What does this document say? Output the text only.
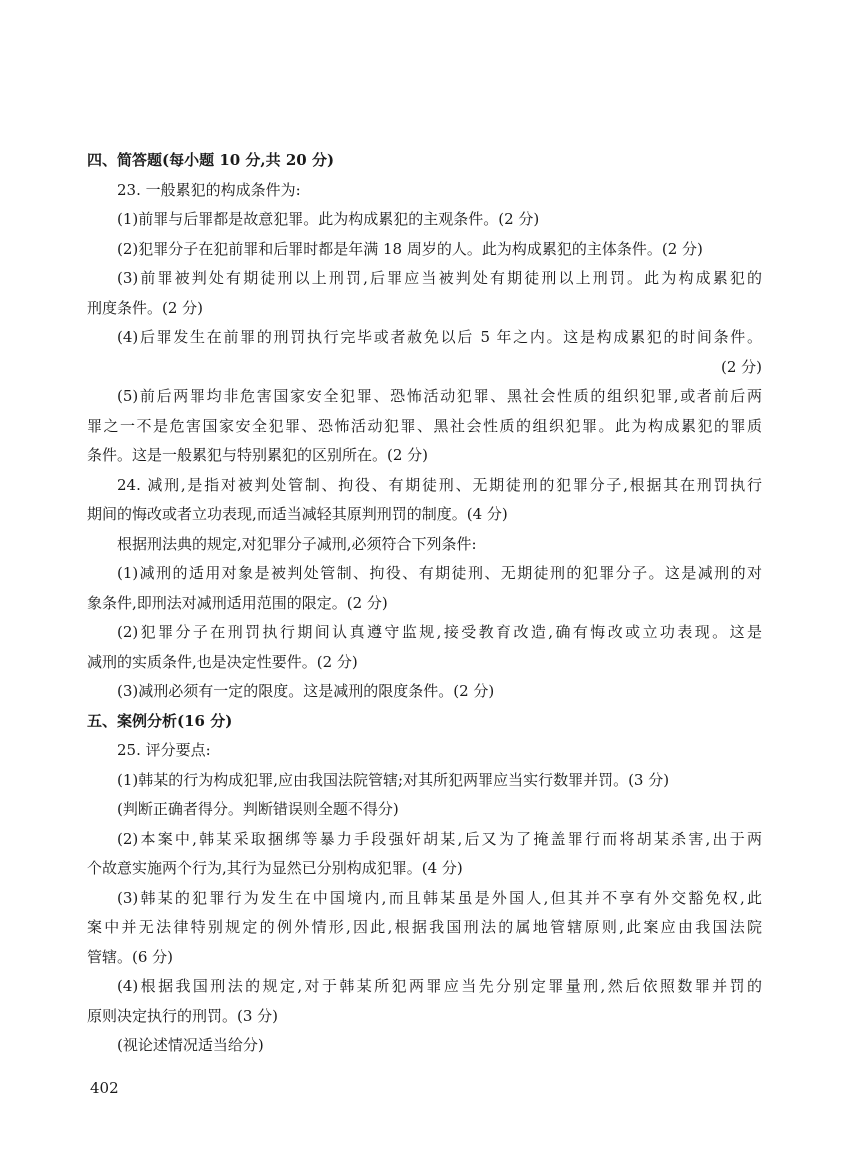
四、简答题(每小题 10 分,共 20 分)
23. 一般累犯的构成条件为:
(1)前罪与后罪都是故意犯罪。此为构成累犯的主观条件。(2 分)
(2)犯罪分子在犯前罪和后罪时都是年满 18 周岁的人。此为构成累犯的主体条件。(2 分)
(3)前罪被判处有期徒刑以上刑罚,后罪应当被判处有期徒刑以上刑罚。此为构成累犯的
刑度条件。(2 分)
(4)后罪发生在前罪的刑罚执行完毕或者赦免以后 5 年之内。这是构成累犯的时间条件。
(2 分)
(5)前后两罪均非危害国家安全犯罪、恐怖活动犯罪、黑社会性质的组织犯罪,或者前后两
罪之一不是危害国家安全犯罪、恐怖活动犯罪、黑社会性质的组织犯罪。此为构成累犯的罪质
条件。这是一般累犯与特别累犯的区别所在。(2 分)
24. 减刑,是指对被判处管制、拘役、有期徒刑、无期徒刑的犯罪分子,根据其在刑罚执行
期间的悔改或者立功表现,而适当减轻其原判刑罚的制度。(4 分)
根据刑法典的规定,对犯罪分子减刑,必须符合下列条件:
(1)减刑的适用对象是被判处管制、拘役、有期徒刑、无期徒刑的犯罪分子。这是减刑的对
象条件,即刑法对减刑适用范围的限定。(2 分)
(2)犯罪分子在刑罚执行期间认真遵守监规,接受教育改造,确有悔改或立功表现。这是
减刑的实质条件,也是决定性要件。(2 分)
(3)减刑必须有一定的限度。这是减刑的限度条件。(2 分)
五、案例分析(16 分)
25. 评分要点:
(1)韩某的行为构成犯罪,应由我国法院管辖;对其所犯两罪应当实行数罪并罚。(3 分)
(判断正确者得分。判断错误则全题不得分)
(2)本案中,韩某采取捆绑等暴力手段强奸胡某,后又为了掩盖罪行而将胡某杀害,出于两
个故意实施两个行为,其行为显然已分别构成犯罪。(4 分)
(3)韩某的犯罪行为发生在中国境内,而且韩某虽是外国人,但其并不享有外交豁免权,此
案中并无法律特别规定的例外情形,因此,根据我国刑法的属地管辖原则,此案应由我国法院
管辖。(6 分)
(4)根据我国刑法的规定,对于韩某所犯两罪应当先分别定罪量刑,然后依照数罪并罚的
原则决定执行的刑罚。(3 分)
(视论述情况适当给分)
402
